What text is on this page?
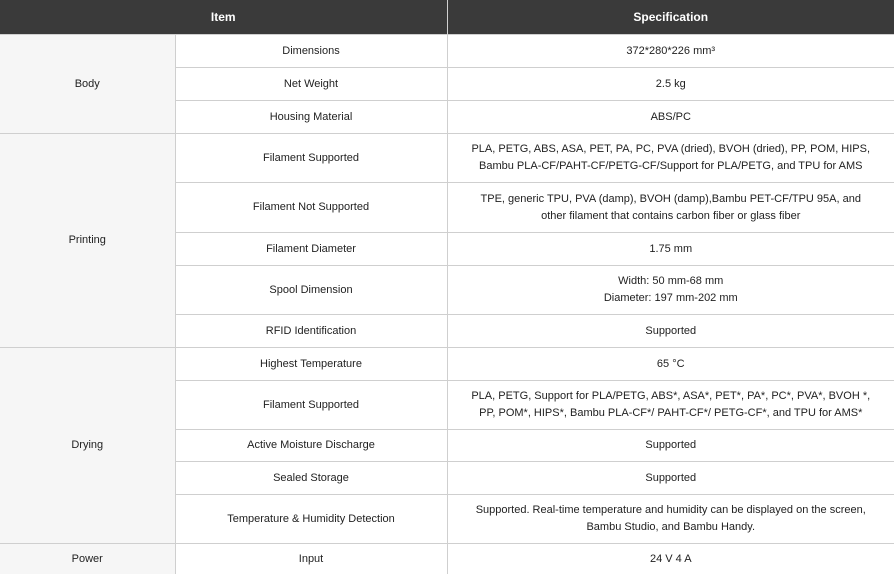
Item		Specification
Body	Dimensions	372*280*226 mm³
	Net Weight	2.5 kg
	Housing Material	ABS/PC
Printing	Filament Supported	PLA, PETG, ABS, ASA, PET, PA, PC, PVA (dried), BVOH (dried), PP, POM, HIPS, Bambu PLA-CF/PAHT-CF/PETG-CF/Support for PLA/PETG, and TPU for AMS
	Filament Not Supported	TPE, generic TPU, PVA (damp), BVOH (damp),Bambu PET-CF/TPU 95A, and other filament that contains carbon fiber or glass fiber
	Filament Diameter	1.75 mm
	Spool Dimension	Width: 50 mm-68 mm
Diameter: 197 mm-202 mm
	RFID Identification	Supported
Drying	Highest Temperature	65 °C
	Filament Supported	PLA, PETG, Support for PLA/PETG, ABS*, ASA*, PET*, PA*, PC*, PVA*, BVOH *, PP, POM*, HIPS*, Bambu PLA-CF*/ PAHT-CF*/ PETG-CF*, and TPU for AMS*
	Active Moisture Discharge	Supported
	Sealed Storage	Supported
	Temperature & Humidity Detection	Supported. Real-time temperature and humidity can be displayed on the screen, Bambu Studio, and Bambu Handy.
Power	Input	24 V 4 A
